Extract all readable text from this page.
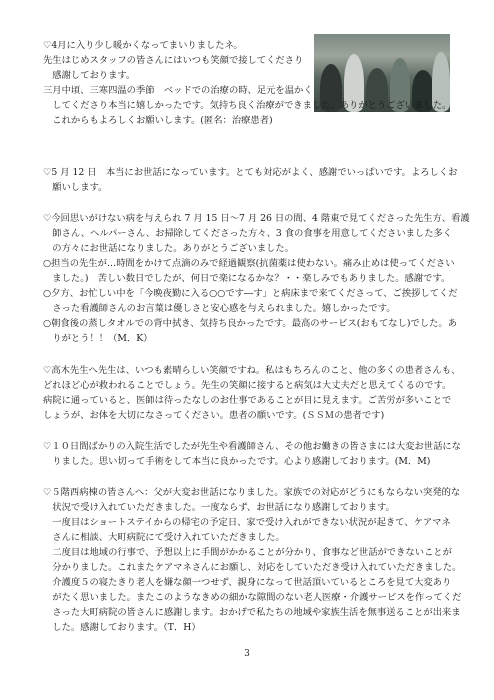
♡4月に入り少し暖かくなってまいりましたネ。
先生はじめスタッフの皆さんにはいつも笑顔で接してくださり
　感謝しております。
三月中頃、三寒四温の季節　ベッドでの治療の時、足元を温かく
　してくださり本当に嬉しかったです。気持ち良く治療ができました。ありがとうございました。
　これからもよろしくお願いします。(匿名：治療患者)
♡5 月 12 日　本当にお世話になっています。とても対応がよく、感謝でいっぱいです。よろしくお
　願いします。
♡今回思いがけない病を与えられ 7 月 15 日〜7 月 26 日の間、4 階東で見てくださった先生方、看護
　師さん、ヘルパーさん、お掃除してくださった方々、3 食の食事を用意してくださいました多く
　の方々にお世話になりました。ありがとうございました。
○担当の先生が…時間をかけて点滴のみで経過観察(抗菌薬は使わない。痛み止めは使ってください
　ました。)　苦しい数日でしたが、何日で楽になるかな？・・楽しみでもありました。感謝です。
○夕方、お忙しい中を「今晩夜勤に入る○○です―す」と病床まで来てくださって、ご挨拶してくだ
　さった看護師さんのお言葉は優しさと安心感を与えられました。嬉しかったです。
○朝食後の蒸しタオルでの背中拭き、気持ち良かったです。最高のサービス(おもてなし)でした。あ
　りがとう！！（M．K）
♡高木先生へ先生は、いつも素晴らしい笑顔ですね。私はもちろんのこと、他の多くの患者さんも、
どれほど心が救われることでしょう。先生の笑顔に接すると病気は大丈夫だと思えてくるのです。
病院に通っていると、医師は待ったなしのお仕事であることが目に見えます。ご苦労が多いことで
しょうが、お体を大切になさってください。患者の願いです。(ＳＳＭの患者です)
♡１０日間ばかりの入院生活でしたが先生や看護師さん、その他お働きの皆さまには大変お世話にな
　りました。思い切って手術をして本当に良かったです。心より感謝しております。(M．M)
♡５階西病棟の皆さんへ：父が大変お世話になりました。家族での対応がどうにもならない突発的な
　状況で受け入れていただきました。一度ならず、お世話になり感謝しております。
　一度目はショートステイからの帰宅の予定日、家で受け入れができない状況が起きて、ケアマネ
　さんに相談、大町病院にて受け入れていただきました。
　二度目は地域の行事で、予想以上に手間がかかることが分かり、食事など世話ができないことが
　分かりました。これまたケアマネさんにお願し、対応をしていただき受け入れていただきました。
　介護度５の寝たきり老人を嫌な顔一つせず、親身になって世話頂いているところを見て大変あり
　がたく思いました。またこのようなきめの細かな隙間のない老人医療・介護サービスを作ってくだ
　さった大町病院の皆さんに感謝します。おかげで私たちの地域や家族生活を無事送ることが出来ま
　した。感謝しております。（T．H）
3
